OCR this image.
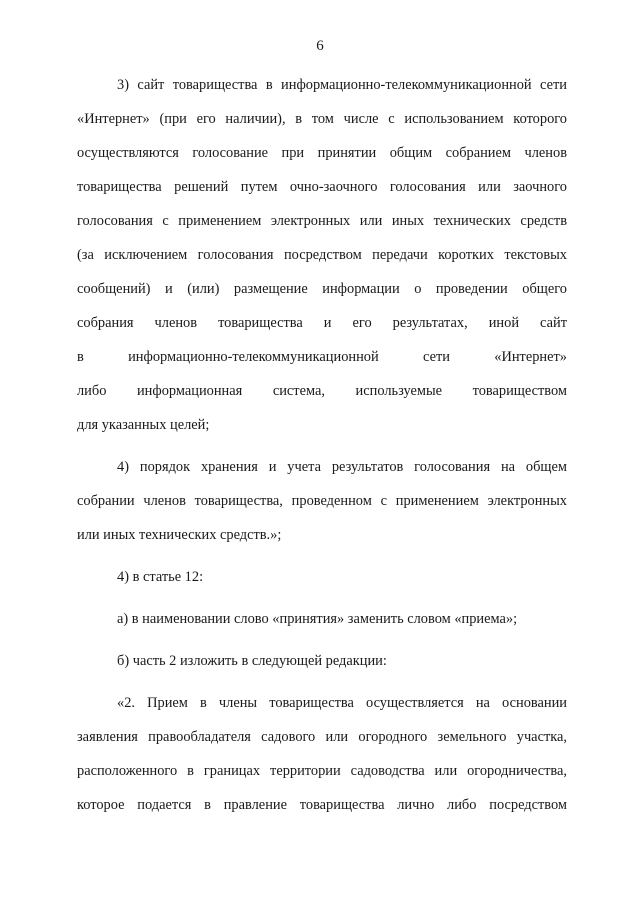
6

3) сайт товарищества в информационно-телекоммуникационной сети
«Интернет» (при его наличии), в том числе с использованием которого
осуществляются голосование при принятии общим собранием членов
товарищества решений путем очно-заочного голосования или заочного
голосования с применением электронных или иных технических средств
(за исключением голосования посредством передачи коротких текстовых
сообщений) и (или) размещение информации о проведении общего
собрания членов товарищества и его результатах, иной сайт
в информационно-телекоммуникационной сети «Интернет»
либо информационная система, используемые товариществом
для указанных целей;

4) порядок хранения и учета результатов голосования на общем
собрании членов товарищества, проведенном с применением электронных
или иных технических средств.»;

4) в статье 12:

а) в наименовании слово «принятия» заменить словом «приема»;

б) часть 2 изложить в следующей редакции:

«2. Прием в члены товарищества осуществляется на основании
заявления правообладателя садового или огородного земельного участка,
расположенного в границах территории садоводства или огородничества,
которое подается в правление товарищества лично либо посредством
